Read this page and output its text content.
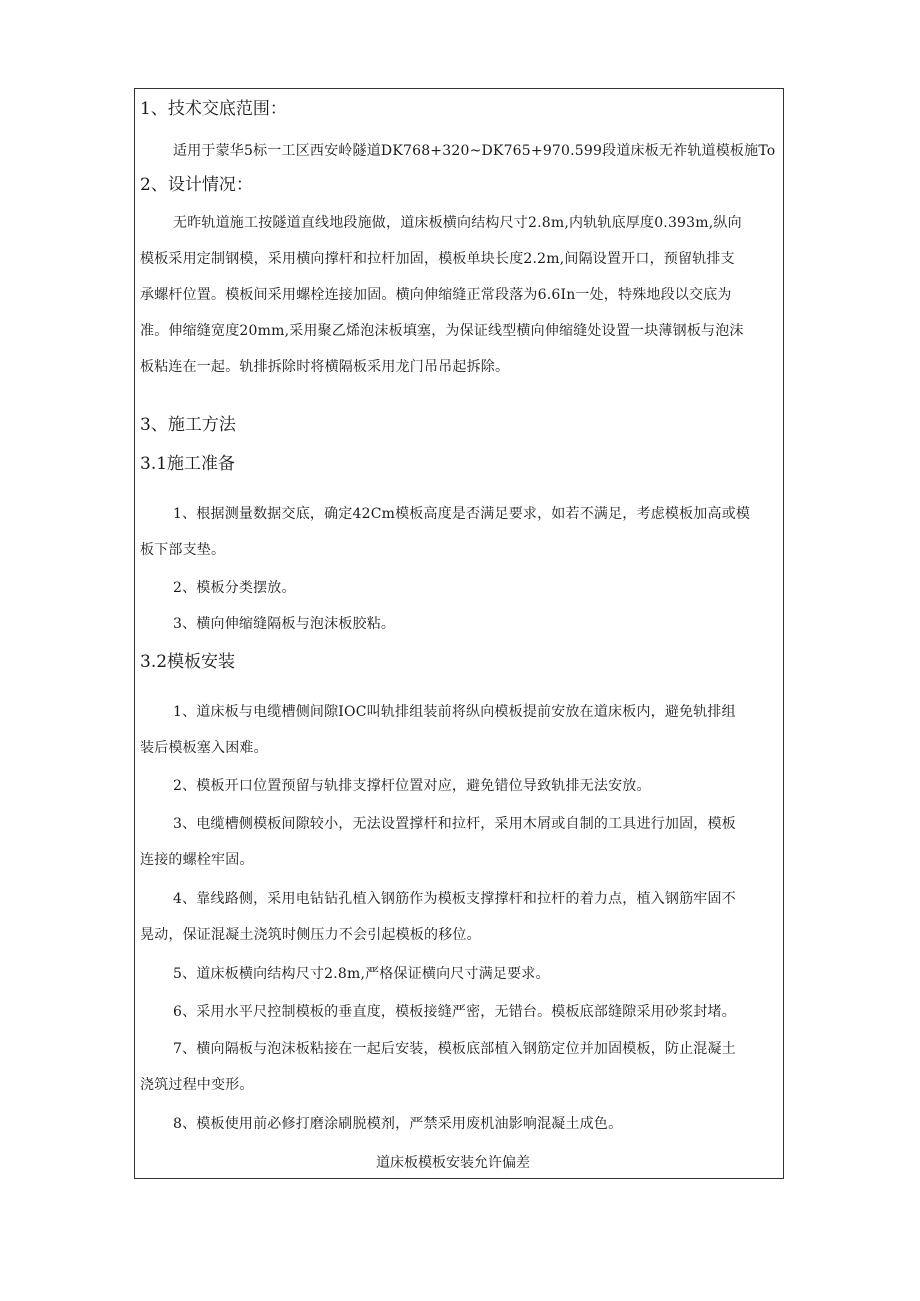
1、技术交底范围：
适用于蒙华5标一工区西安岭隧道DK768+320~DK765+970.599段道床板无祚轨道模板施To
2、设计情况：
无昨轨道施工按隧道直线地段施做，道床板横向结构尺寸2.8m,内轨轨底厚度0.393m,纵向
模板采用定制钢模，采用横向撑杆和拉杆加固，模板单块长度2.2m,间隔设置开口，预留轨排支
承螺杆位置。模板间采用螺栓连接加固。横向伸缩缝正常段落为6.6In一处，特殊地段以交底为
准。伸缩缝宽度20mm,采用聚乙烯泡沫板填塞，为保证线型横向伸缩缝处设置一块薄钢板与泡沫
板粘连在一起。轨排拆除时将横隔板采用龙门吊吊起拆除。
3、施工方法
3.1施工准备
1、根据测量数据交底，确定42Cm模板高度是否满足要求，如若不满足，考虑模板加高或模
板下部支垫。
2、模板分类摆放。
3、横向伸缩缝隔板与泡沫板胶粘。
3.2模板安装
1、道床板与电缆槽侧间隙IOC叫轨排组装前将纵向模板提前安放在道床板内，避免轨排组
装后模板塞入困难。
2、模板开口位置预留与轨排支撑杆位置对应，避免错位导致轨排无法安放。
3、电缆槽侧模板间隙较小，无法设置撑杆和拉杆，采用木屑或自制的工具进行加固，模板
连接的螺栓牢固。
4、靠线路侧，采用电钻钻孔植入钢筋作为模板支撑撑杆和拉杆的着力点，植入钢筋牢固不
晃动，保证混凝土浇筑时侧压力不会引起模板的移位。
5、道床板横向结构尺寸2.8m,严格保证横向尺寸满足要求。
6、采用水平尺控制模板的垂直度，模板接缝严密，无错台。模板底部缝隙采用砂浆封堵。
7、横向隔板与泡沫板粘接在一起后安装，模板底部植入钢筋定位并加固模板，防止混凝土
浇筑过程中变形。
8、模板使用前必修打磨涂刷脱模剂，严禁采用废机油影响混凝土成色。
道床板模板安装允许偏差
